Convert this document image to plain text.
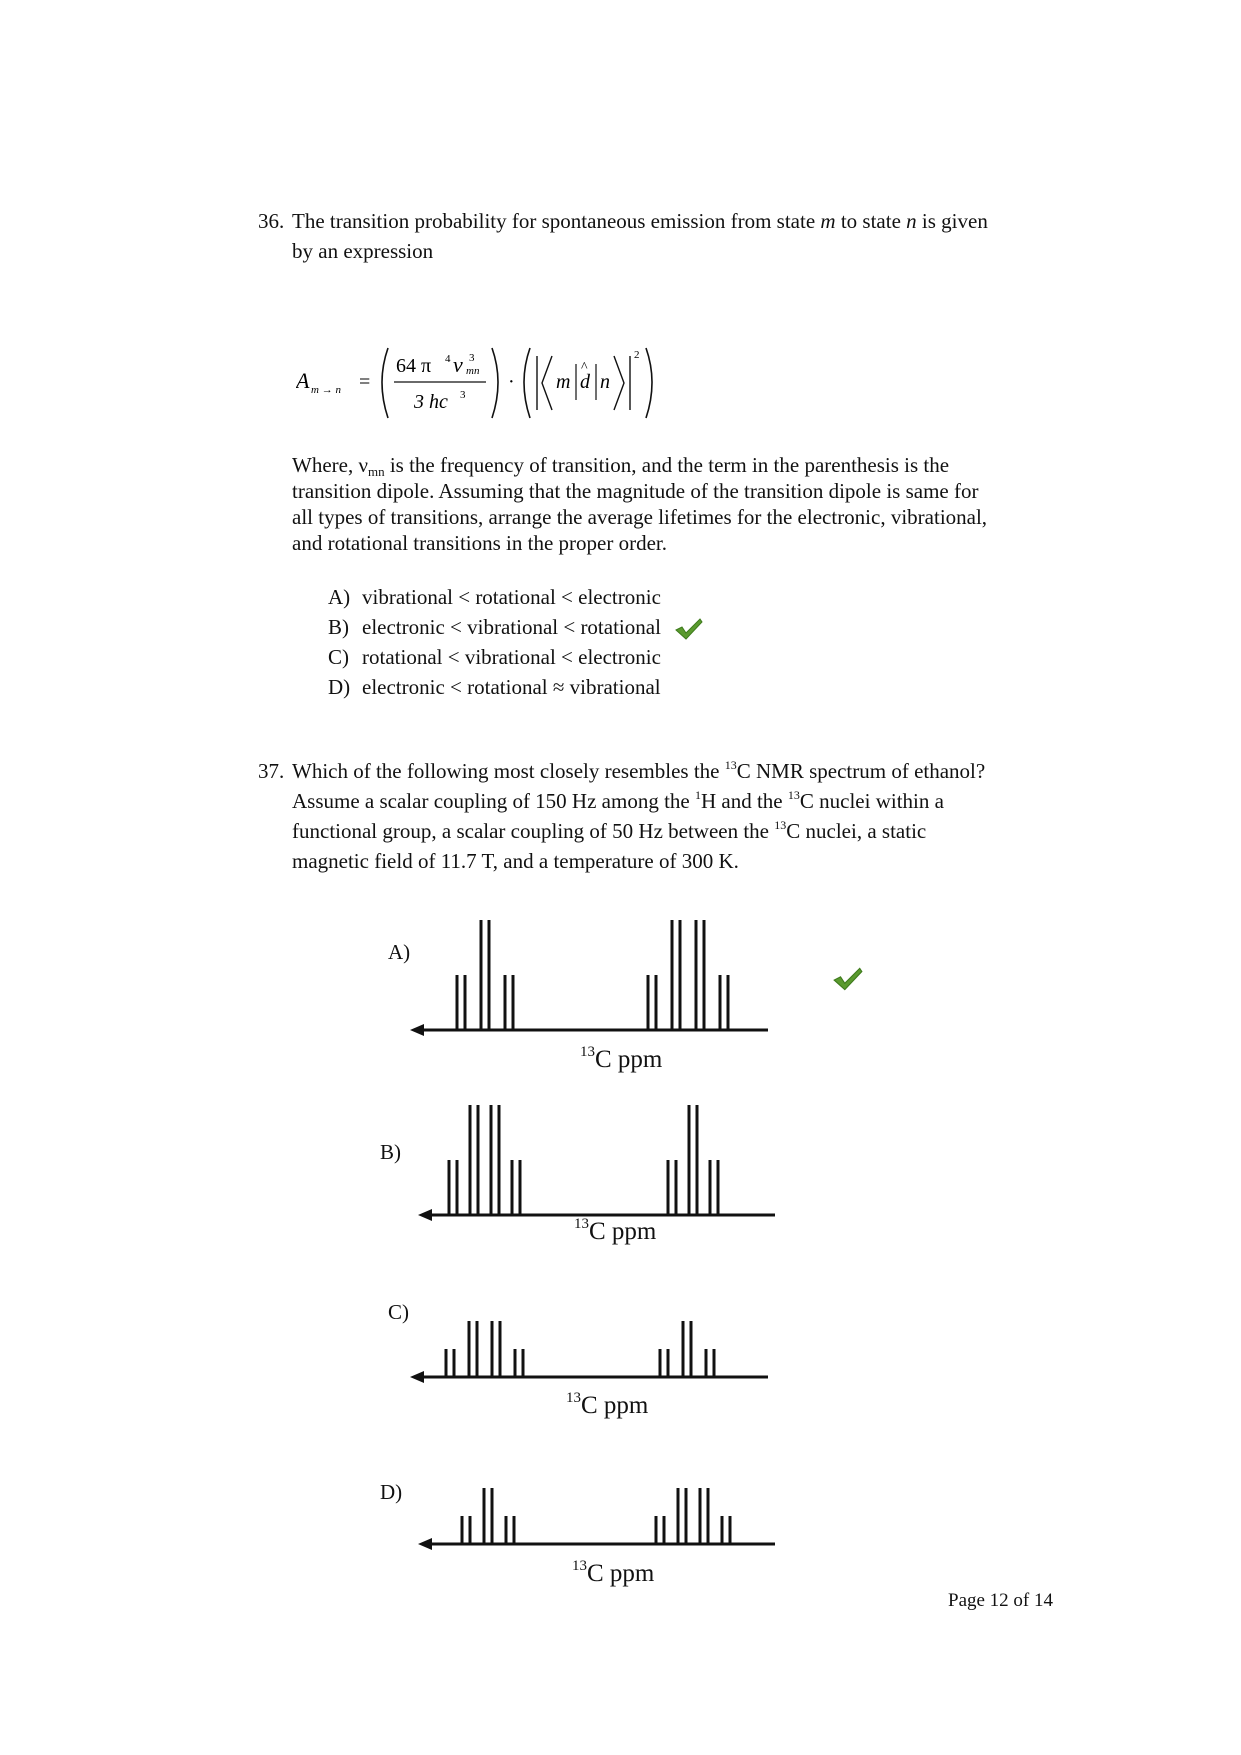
36. The transition probability for spontaneous emission from state m to state n is given
by an expression
A m → n =
64 π 4 ν 3
mn
3 hc 3
· m
^
d n
2
Where, $\nu_{mn}$ is the frequency of transition, and the term in the parenthesis is the
transition dipole. Assuming that the magnitude of the transition dipole is same for
all types of transitions, arrange the average lifetimes for the electronic, vibrational,
and rotational transitions in the proper order.
A) vibrational < rotational < electronic
B) electronic < vibrational < rotational
C) rotational < vibrational < electronic
D) electronic < rotational ≈ vibrational
37. Which of the following most closely resembles the $^{13}$C NMR spectrum of ethanol?
Assume a scalar coupling of 150 Hz among the $^1$H and the $^{13}$C nuclei within a
functional group, a scalar coupling of 50 Hz between the $^{13}$C nuclei, a static
magnetic field of 11.7 T, and a temperature of 300 K.
A)
$^{13}$C ppm
B)
$^{13}$C ppm
C)
$^{13}$C ppm
D)
$^{13}$C ppm
Page 12 of 14
